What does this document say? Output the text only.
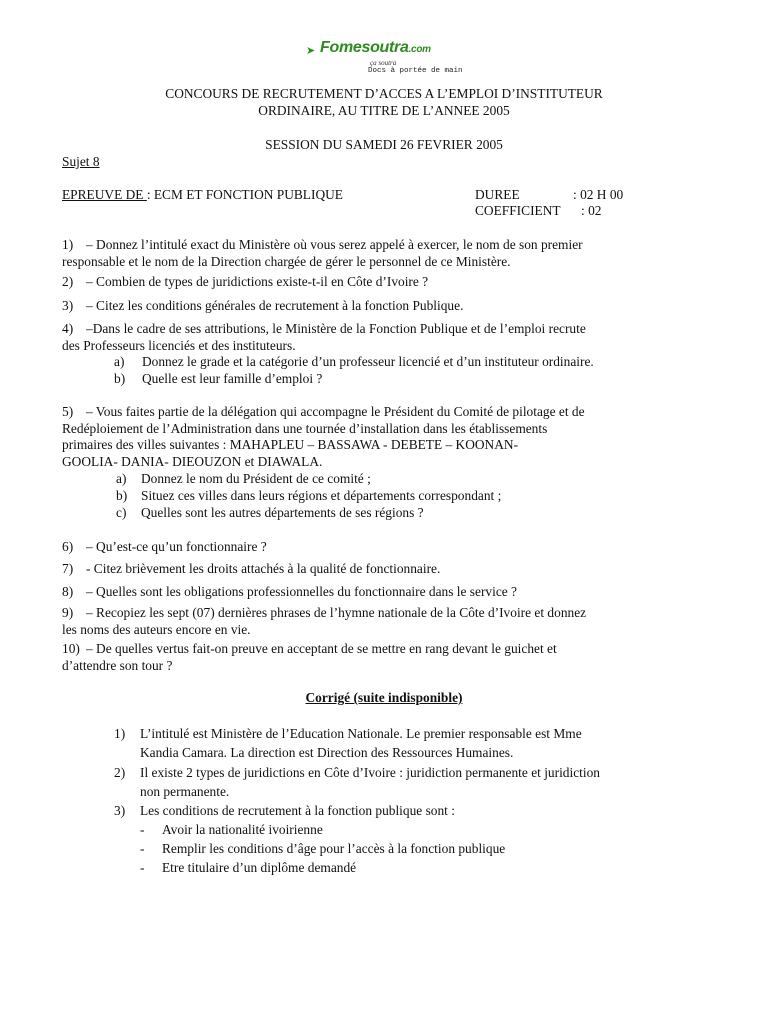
➤ Fomesoutra.com
ça soutra
Docs à portée de main
CONCOURS DE RECRUTEMENT D’ACCES A L’EMPLOI D’INSTITUTEUR
ORDINAIRE, AU TITRE DE L’ANNEE 2005
SESSION DU SAMEDI 26 FEVRIER 2005
Sujet 8
EPREUVE DE : ECM ET FONCTION PUBLIQUE	DUREE	: 02 H 00
COEFFICIENT : 02
1) – Donnez l’intitulé exact du Ministère où vous serez appelé à exercer, le nom de son premier
responsable et le nom de la Direction chargée de gérer le personnel de ce Ministère.
2) – Combien de types de juridictions existe-t-il en Côte d’Ivoire ?
3) – Citez les conditions générales de recrutement à la fonction Publique.
4) –Dans le cadre de ses attributions, le Ministère de la Fonction Publique et de l’emploi recrute
des Professeurs licenciés et des instituteurs.
a) Donnez le grade et la catégorie d’un professeur licencié et d’un instituteur ordinaire.
b) Quelle est leur famille d’emploi ?
5) – Vous faites partie de la délégation qui accompagne le Président du Comité de pilotage et de
Redéploiement de l’Administration dans une tournée d’installation dans les établissements
primaires des villes suivantes : MAHAPLEU – BASSAWA - DEBETE – KOONAN-
GOOLIA- DANIA- DIEOUZON et DIAWALA.
a) Donnez le nom du Président de ce comité ;
b) Situez ces villes dans leurs régions et départements correspondant ;
c) Quelles sont les autres départements de ses régions ?
6) – Qu’est-ce qu’un fonctionnaire ?
7) - Citez brièvement les droits attachés à la qualité de fonctionnaire.
8) – Quelles sont les obligations professionnelles du fonctionnaire dans le service ?
9) – Recopiez les sept (07) dernières phrases de l’hymne nationale de la Côte d’Ivoire et donnez
les noms des auteurs encore en vie.
10) – De quelles vertus fait-on preuve en acceptant de se mettre en rang devant le guichet et
d’attendre son tour ?
Corrigé (suite indisponible)
1) L’intitulé est Ministère de l’Education Nationale. Le premier responsable est Mme
Kandia Camara. La direction est Direction des Ressources Humaines.
2) Il existe 2 types de juridictions en Côte d’Ivoire : juridiction permanente et juridiction
non permanente.
3) Les conditions de recrutement à la fonction publique sont :
- Avoir la nationalité ivoirienne
- Remplir les conditions d’âge pour l’accès à la fonction publique
- Etre titulaire d’un diplôme demandé
